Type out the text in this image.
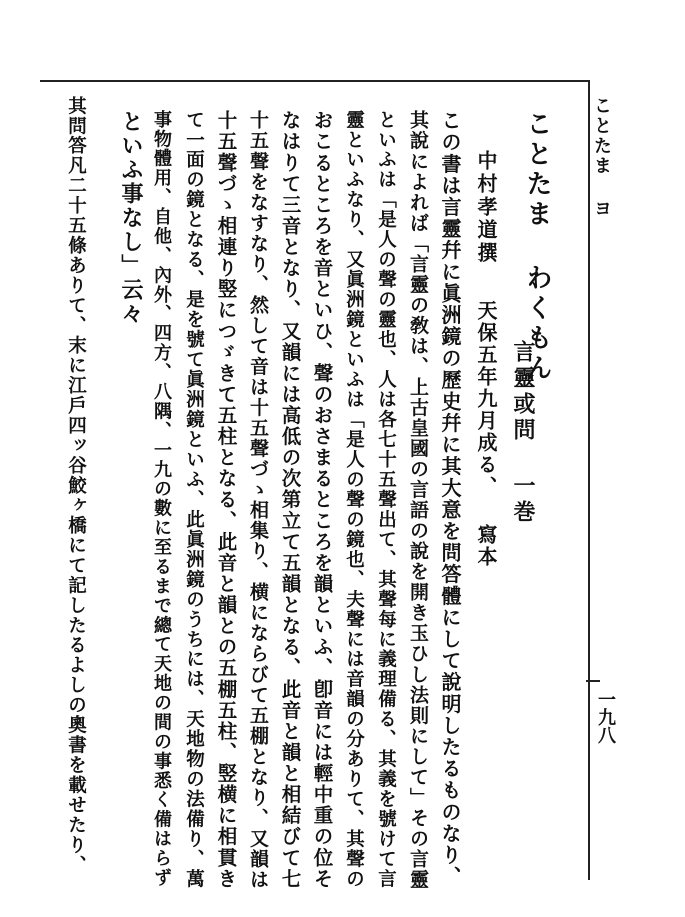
ことたま ヨ
一九八
ことたま わくもん
言靈或問 一巻
中村孝道撰
天保五年九月成る、 寫本
この書は言靈幷に眞洲鏡の歷史幷に其大意を問答體にして說明したるものなり、
其說によれば「言靈の敎は、上古皇國の言語の說を開き玉ひし法則にして」その言靈
といふは「是人の聲の靈也、人は各七十五聲出て、其聲每に義理備る、其義を號けて言
靈といふなり、又眞洲鏡といふは「是人の聲の鏡也、夫聲には音韻の分ありて、其聲の
おこるところを音といひ、聲のおさまるところを韻といふ、卽音には輕中重の位そ
なはりて三音となり、又韻には高低の次第立て五韻となる、此音と韻と相結びて七
十五聲をなすなり、然して音は十五聲づゝ相集り、横にならびて五棚となり、又韻は
十五聲づゝ相連り竪につゞきて五柱となる、此音と韻との五棚五柱、竪横に相貫き
て一面の鏡となる、是を號て眞洲鏡といふ、此眞洲鏡のうちには、天地物の法備り、萬
事物體用、自他、內外、四方、八隅、一九の數に至るまで總て天地の間の事悉く備はらず
といふ事なし」云々
其問答凡二十五條ありて、末に江戶四ッ谷鮫ヶ橋にて記したるよしの奧書を載せたり、
